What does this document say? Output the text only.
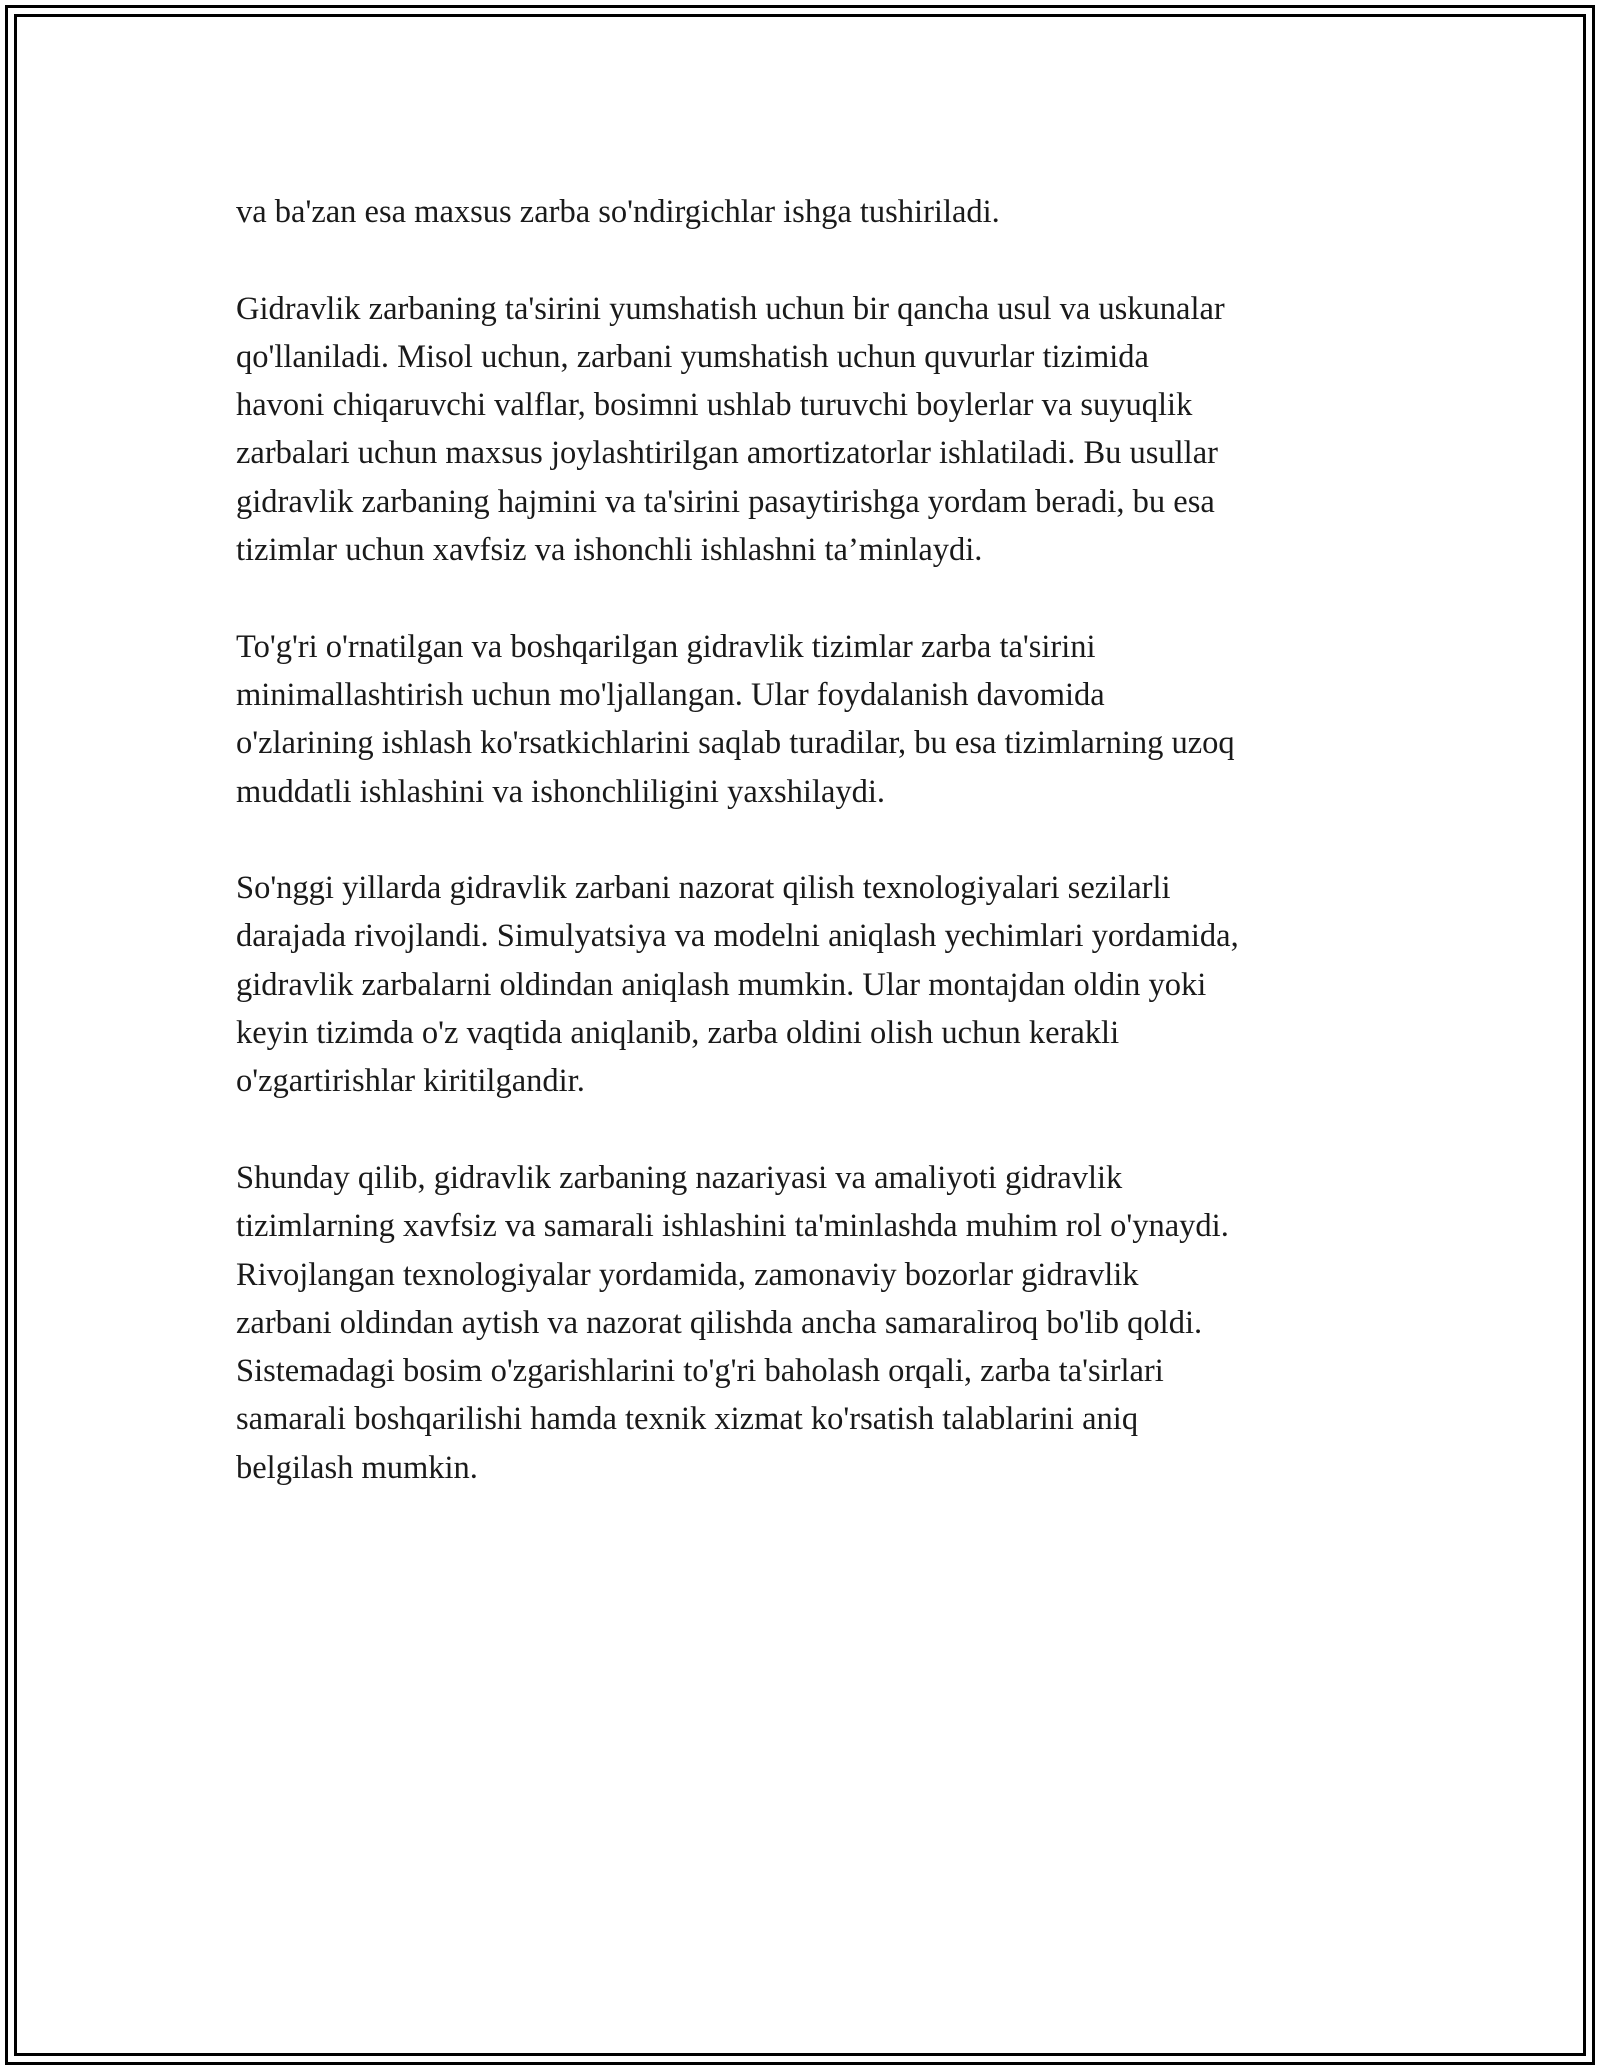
va ba'zan esa maxsus zarba so'ndirgichlar ishga tushiriladi.

Gidravlik zarbaning ta'sirini yumshatish uchun bir qancha usul va uskunalar
qo'llaniladi. Misol uchun, zarbani yumshatish uchun quvurlar tizimida
havoni chiqaruvchi valflar, bosimni ushlab turuvchi boylerlar va suyuqlik
zarbalari uchun maxsus joylashtirilgan amortizatorlar ishlatiladi. Bu usullar
gidravlik zarbaning hajmini va ta'sirini pasaytirishga yordam beradi, bu esa
tizimlar uchun xavfsiz va ishonchli ishlashni ta’minlaydi.

To'g'ri o'rnatilgan va boshqarilgan gidravlik tizimlar zarba ta'sirini
minimallashtirish uchun mo'ljallangan. Ular foydalanish davomida
o'zlarining ishlash ko'rsatkichlarini saqlab turadilar, bu esa tizimlarning uzoq
muddatli ishlashini va ishonchliligini yaxshilaydi.

So'nggi yillarda gidravlik zarbani nazorat qilish texnologiyalari sezilarli
darajada rivojlandi. Simulyatsiya va modelni aniqlash yechimlari yordamida,
gidravlik zarbalarni oldindan aniqlash mumkin. Ular montajdan oldin yoki
keyin tizimda o'z vaqtida aniqlanib, zarba oldini olish uchun kerakli
o'zgartirishlar kiritilgandir.

Shunday qilib, gidravlik zarbaning nazariyasi va amaliyoti gidravlik
tizimlarning xavfsiz va samarali ishlashini ta'minlashda muhim rol o'ynaydi.
Rivojlangan texnologiyalar yordamida, zamonaviy bozorlar gidravlik
zarbani oldindan aytish va nazorat qilishda ancha samaraliroq bo'lib qoldi.
Sistemadagi bosim o'zgarishlarini to'g'ri baholash orqali, zarba ta'sirlari
samarali boshqarilishi hamda texnik xizmat ko'rsatish talablarini aniq
belgilash mumkin.
